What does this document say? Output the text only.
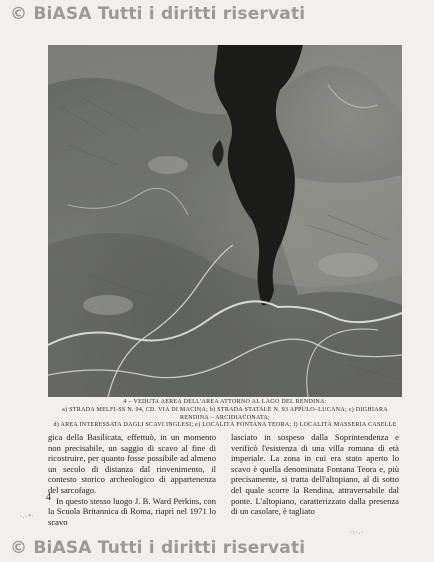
© BiASA Tutti i diritti riservati
4 – VEDUTA AEREA DELL'AREA ATTORNO AL LAGO DEL RENDINA:
a) STRADA MELFI-SS N. 94, CD. VIA DI MACINA; b) STRADA STATALE N. 93 APPULO–LUCANA; c) DIGHIARA RENDINA – ARCIDIACONATA;
d) AREA INTERESSATA DAGLI SCAVI INGLESI; e) LOCALITÀ FONTANA TEORA; f) LOCALITÀ MASSERIA CASELLE

gica della Basilicata, effettuò, in un momento non precisabile, un saggio di scavo al fine di ricostruire, per quanto fosse possibile ad almeno un secolo di distanza dal rinvenimento, il contesto storico archeologico di appartenenza del sarcofago.

In questo stesso luogo J. B. Ward Perkins, con la Scuola Britannica di Roma, riaprì nel 1971 lo scavo

lasciato in sospeso dalla Soprintendenza e verificò l'esistenza di una villa romana di età imperiale. La zona in cui era stato aperto lo scavo è quella denominata Fontana Teora e, più precisamente, si tratta dell'altopiano, al di sotto del quale scorre la Rendina, attraversabile dal ponte. L'altopiano, caratterizzato dalla presenza di un casolare, è tagliato

4
·.·°·
·:·.·
© BiASA Tutti i diritti riservati
